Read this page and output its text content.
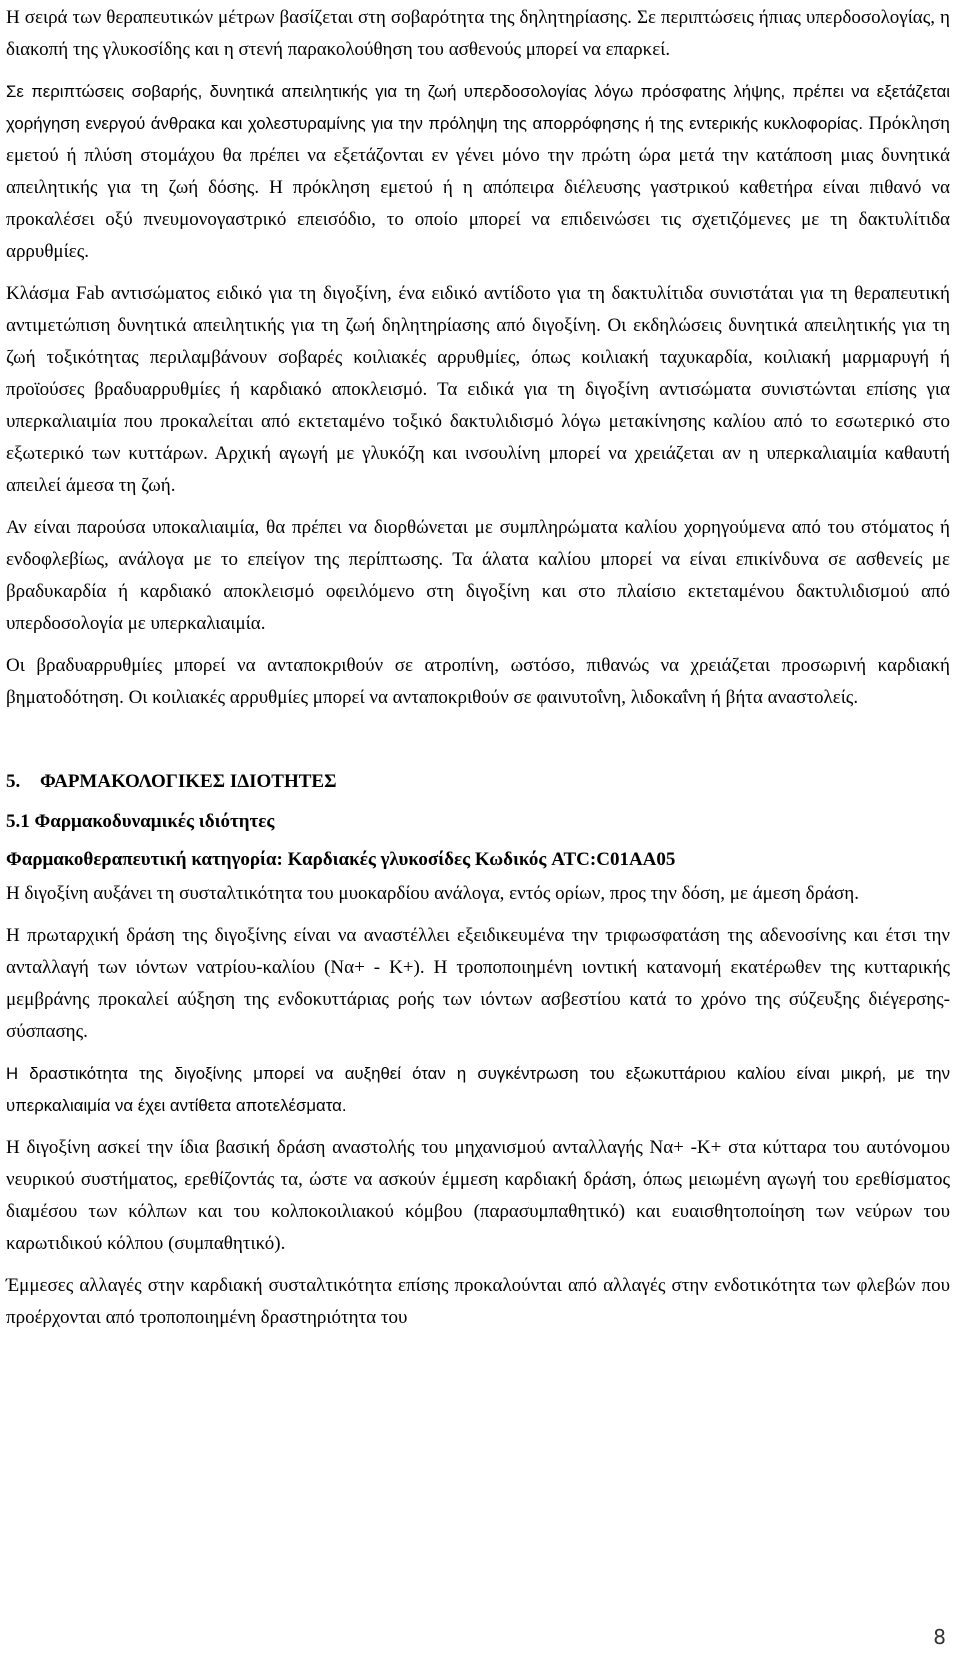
Η σειρά των θεραπευτικών μέτρων βασίζεται στη σοβαρότητα της δηλητηρίασης. Σε περιπτώσεις ήπιας υπερδοσολογίας, η διακοπή της γλυκοσίδης και η στενή παρακολούθηση του ασθενούς μπορεί να επαρκεί.

Σε περιπτώσεις σοβαρής, δυνητικά απειλητικής για τη ζωή υπερδοσολογίας λόγω πρόσφατης λήψης, πρέπει να εξετάζεται χορήγηση ενεργού άνθρακα και χολεστυραμίνης για την πρόληψη της απορρόφησης ή της εντερικής κυκλοφορίας. Πρόκληση εμετού ή πλύση στομάχου θα πρέπει να εξετάζονται εν γένει μόνο την πρώτη ώρα μετά την κατάποση μιας δυνητικά απειλητικής για τη ζωή δόσης. Η πρόκληση εμετού ή η απόπειρα διέλευσης γαστρικού καθετήρα είναι πιθανό να προκαλέσει οξύ πνευμονογαστρικό επεισόδιο, το οποίο μπορεί να επιδεινώσει τις σχετιζόμενες με τη δακτυλίτιδα αρρυθμίες.

Κλάσμα Fab αντισώματος ειδικό για τη διγοξίνη, ένα ειδικό αντίδοτο για τη δακτυλίτιδα συνιστάται για τη θεραπευτική αντιμετώπιση δυνητικά απειλητικής για τη ζωή δηλητηρίασης από διγοξίνη. Οι εκδηλώσεις δυνητικά απειλητικής για τη ζωή τοξικότητας περιλαμβάνουν σοβαρές κοιλιακές αρρυθμίες, όπως κοιλιακή ταχυκαρδία, κοιλιακή μαρμαρυγή ή προϊούσες βραδυαρρυθμίες ή καρδιακό αποκλεισμό. Τα ειδικά για τη διγοξίνη αντισώματα συνιστώνται επίσης για υπερκαλιαιμία που προκαλείται από εκτεταμένο τοξικό δακτυλιδισμό λόγω μετακίνησης καλίου από το εσωτερικό στο εξωτερικό των κυττάρων. Αρχική αγωγή με γλυκόζη και ινσουλίνη μπορεί να χρειάζεται αν η υπερκαλιαιμία καθαυτή απειλεί άμεσα τη ζωή.

Αν είναι παρούσα υποκαλιαιμία, θα πρέπει να διορθώνεται με συμπληρώματα καλίου χορηγούμενα από του στόματος ή ενδοφλεβίως, ανάλογα με το επείγον της περίπτωσης. Τα άλατα καλίου μπορεί να είναι επικίνδυνα σε ασθενείς με βραδυκαρδία ή καρδιακό αποκλεισμό οφειλόμενο στη διγοξίνη και στο πλαίσιο εκτεταμένου δακτυλιδισμού από υπερδοσολογία με υπερκαλιαιμία.

Οι βραδυαρρυθμίες μπορεί να ανταποκριθούν σε ατροπίνη, ωστόσο, πιθανώς να χρειάζεται προσωρινή καρδιακή βηματοδότηση. Οι κοιλιακές αρρυθμίες μπορεί να ανταποκριθούν σε φαινυτοΐνη, λιδοκαΐνη ή βήτα αναστολείς.

5. ΦΑΡΜΑΚΟΛΟΓΙΚΕΣ ΙΔΙΟΤΗΤΕΣ

5.1 Φαρμακοδυναμικές ιδιότητες

Φαρμακοθεραπευτική κατηγορία: Καρδιακές γλυκοσίδες Κωδικός ATC:C01AA05

Η διγοξίνη αυξάνει τη συσταλτικότητα του μυοκαρδίου ανάλογα, εντός ορίων, προς την δόση, με άμεση δράση.

Η πρωταρχική δράση της διγοξίνης είναι να αναστέλλει εξειδικευμένα την τριφωσφατάση της αδενοσίνης και έτσι την ανταλλαγή των ιόντων νατρίου-καλίου (Να+ - K+). Η τροποποιημένη ιοντική κατανομή εκατέρωθεν της κυτταρικής μεμβράνης προκαλεί αύξηση της ενδοκυττάριας ροής των ιόντων ασβεστίου κατά το χρόνο της σύζευξης διέγερσης-σύσπασης.

Η δραστικότητα της διγοξίνης μπορεί να αυξηθεί όταν η συγκέντρωση του εξωκυττάριου καλίου είναι μικρή, με την υπερκαλιαιμία να έχει αντίθετα αποτελέσματα.

Η διγοξίνη ασκεί την ίδια βασική δράση αναστολής του μηχανισμού ανταλλαγής Να+ -K+ στα κύτταρα του αυτόνομου νευρικού συστήματος, ερεθίζοντάς τα, ώστε να ασκούν έμμεση καρδιακή δράση, όπως μειωμένη αγωγή του ερεθίσματος διαμέσου των κόλπων και του κολποκοιλιακού κόμβου (παρασυμπαθητικό) και ευαισθητοποίηση των νεύρων του καρωτιδικού κόλπου (συμπαθητικό).

Έμμεσες αλλαγές στην καρδιακή συσταλτικότητα επίσης προκαλούνται από αλλαγές στην ενδοτικότητα των φλεβών που προέρχονται από τροποποιημένη δραστηριότητα του

8
